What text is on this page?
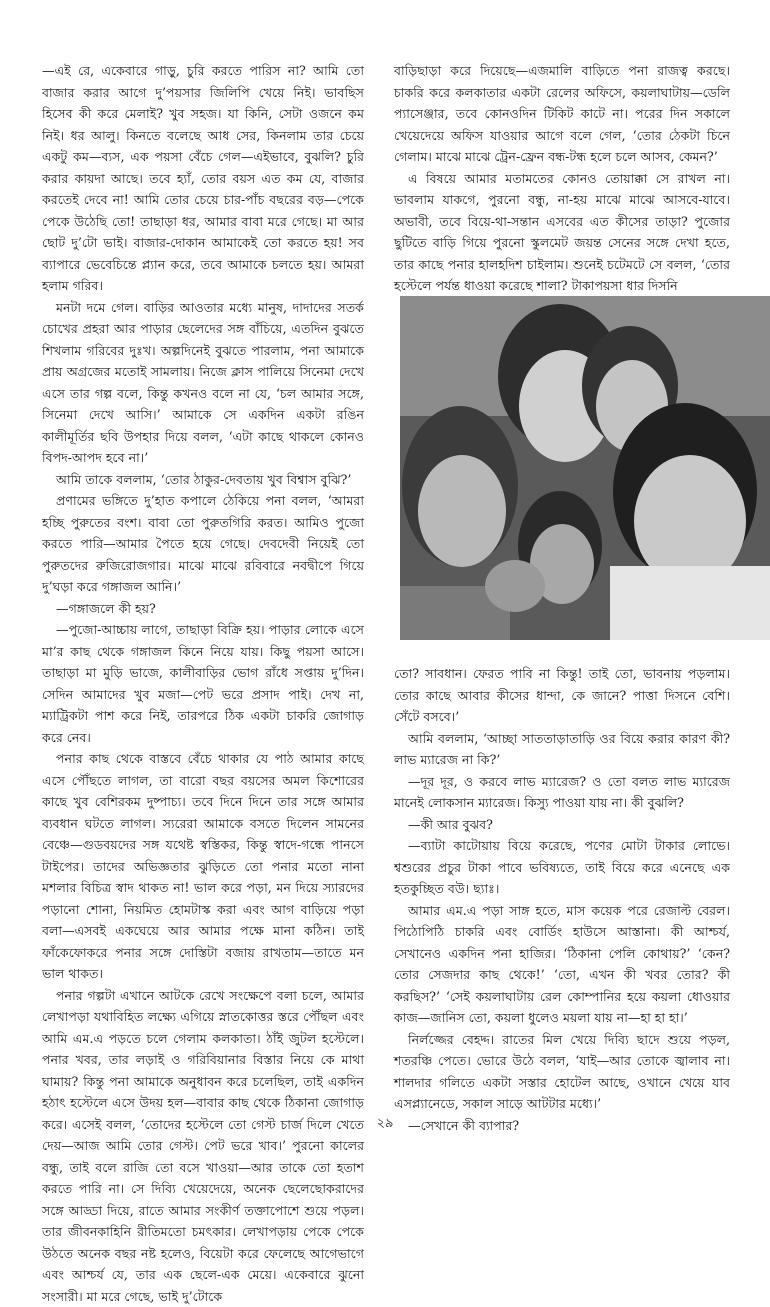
—এই রে, একেবারে গাড়ু, চুরি করতে পারিস না? আমি তো বাজার করার আগে দু’পয়সার জিলিপি খেয়ে নিই। ভাবছিস হিসেব কী করে মেলাই? খুব সহজ। যা কিনি, সেটা ওজনে কম নিই। ধর আলু। কিনতে বলেছে আধ সের, কিনলাম তার চেয়ে একটু কম—ব্যস, এক পয়সা বেঁচে গেল—এইভাবে, বুঝলি? চুরি করার কায়দা আছে। তবে হ্যাঁ, তোর বয়স এত কম যে, বাজার করতেই দেবে না! আমি তোর চেয়ে চার-পাঁচ বছরের বড়—পেকে পেকে উঠেছি তো! তাছাড়া ধর, আমার বাবা মরে গেছে। মা আর ছোট দু’টো ভাই। বাজার-দোকান আমাকেই তো করতে হয়! সব ব্যাপারে ভেবেচিন্তে প্ল্যান করে, তবে আমাকে চলতে হয়। আমরা হলাম গরিব।

মনটা দমে গেল। বাড়ির আওতার মধ্যে মানুষ, দাদাদের সতর্ক চোখের প্রহরা আর পাড়ার ছেলেদের সঙ্গ বাঁচিয়ে, এতদিন বুঝতে শিখলাম গরিবের দুঃখ। অল্পদিনেই বুঝতে পারলাম, পনা আমাকে প্রায় অগ্রজের মতোই সামলায়। নিজে ক্লাস পালিয়ে সিনেমা দেখে এসে তার গল্প বলে, কিন্তু কখনও বলে না যে, ‘চল আমার সঙ্গে, সিনেমা দেখে আসি।’ আমাকে সে একদিন একটা রঙিন কালীমূর্তির ছবি উপহার দিয়ে বলল, ‘এটা কাছে থাকলে কোনও বিপদ-আপদ হবে না।’

আমি তাকে বললাম, ‘তোর ঠাকুর-দেবতায় খুব বিশ্বাস বুঝি?’

প্রণামের ভঙ্গিতে দু’হাত কপালে ঠেকিয়ে পনা বলল, ‘আমরা হচ্ছি পুরুতের বংশ। বাবা তো পুরুতগিরি করত। আমিও পুজো করতে পারি—আমার পৈতে হয়ে গেছে। দেবদেবী নিয়েই তো পুরুতদের রুজিরোজগার। মাঝে মাঝে রবিবারে নবদ্বীপে গিয়ে দু’ঘড়া করে গঙ্গাজল আনি।’

—গঙ্গাজলে কী হয়?

—পুজো-আচ্চায় লাগে, তাছাড়া বিক্রি হয়। পাড়ার লোকে এসে মা’র কাছ থেকে গঙ্গাজল কিনে নিয়ে যায়। কিছু পয়সা আসে। তাছাড়া মা মুড়ি ভাজে, কালীবাড়ির ভোগ রাঁধে সপ্তায় দু’দিন। সেদিন আমাদের খুব মজা—পেট ভরে প্রসাদ পাই। দেখ না, ম্যাট্রিকটা পাশ করে নিই, তারপরে ঠিক একটা চাকরি জোগাড় করে নেব।

পনার কাছ থেকে বাস্তবে বেঁচে থাকার যে পাঠ আমার কাছে এসে পৌঁছতে লাগল, তা বারো বছর বয়সের অমল কিশোরের কাছে খুব বেশিরকম দুষ্পাচ্য। তবে দিনে দিনে তার সঙ্গে আমার ব্যবধান ঘটতে লাগল। স্যরেরা আমাকে বসতে দিলেন সামনের বেঞ্চে—গুডবয়দের সঙ্গ যথেষ্ট স্বস্তিকর, কিন্তু স্বাদে-গন্ধে পানসে টাইপের। তাদের অভিজ্ঞতার ঝুড়িতে তো পনার মতো নানা মশলার বিচিত্র স্বাদ থাকত না! ভাল করে পড়া, মন দিয়ে স্যারদের পড়ানো শোনা, নিয়মিত হোমটাস্ক করা এবং আগ বাড়িয়ে পড়া বলা—এসবই একঘেয়ে আর আমার পক্ষে মানা কঠিন। তাই ফাঁকেফোকরে পনার সঙ্গে দোস্তিটা বজায় রাখতাম—তাতে মন ভাল থাকত।

পনার গল্পটা এখানে আটকে রেখে সংক্ষেপে বলা চলে, আমার লেখাপড়া যথাবিহিত লক্ষ্যে এগিয়ে স্নাতকোত্তর স্তরে পৌঁছল এবং আমি এম.এ পড়তে চলে গেলাম কলকাতা। ঠাঁই জুটল হস্টেলে। পনার খবর, তার লড়াই ও গরিবিয়ানার বিস্তার নিয়ে কে মাথা ঘামায়? কিন্তু পনা আমাকে অনুধাবন করে চলেছিল, তাই একদিন হঠাৎ হস্টেলে এসে উদয় হল—বাবার কাছ থেকে ঠিকানা জোগাড় করে। এসেই বলল, ‘তোদের হস্টেলে তো গেস্ট চার্জ দিলে খেতে দেয়—আজ আমি তোর গেস্ট। পেট ভরে খাব।’ পুরনো কালের বন্ধু, তাই বলে রাজি তো বসে খাওয়া—আর তাকে তো হতাশ করতে পারি না। সে দিব্যি খেয়েদেয়ে, অনেক ছেলেছোকরাদের সঙ্গে আড্ডা দিয়ে, রাতে আমার সংকীর্ণ তক্তাপোশে শুয়ে পড়ল। তার জীবনকাহিনি রীতিমতো চমৎকার। লেখাপড়ায় পেকে পেকে উঠতে অনেক বছর নষ্ট হলেও, বিয়েটা করে ফেলেছে আগেভাগে এবং আশ্চর্য যে, তার এক ছেলে-এক মেয়ে। একেবারে ঝুনো সংসারী। মা মরে গেছে, ভাই দু’টোকে

বাড়িছাড়া করে দিয়েছে—এজমালি বাড়িতে পনা রাজত্ব করছে। চাকরি করে কলকাতার একটা রেলের অফিসে, কয়লাঘাটায়—ডেলি প্যাসেঞ্জার, তবে কোনওদিন টিকিট কাটে না। পরের দিন সকালে খেয়েদেয়ে অফিস যাওয়ার আগে বলে গেল, ‘তোর ঠেকটা চিনে গেলাম। মাঝে মাঝে ট্রেন-ফ্রেন বন্ধ-টন্ধ হলে চলে আসব, কেমন?’

এ বিষয়ে আমার মতামতের কোনও তোয়াক্কা সে রাখল না। ভাবলাম যাকগে, পুরনো বন্ধু, না-হয় মাঝে মাঝে আসবে-যাবে। অভাবী, তবে বিয়ে-থা-সন্তান এসবের এত কীসের তাড়া? পুজোর ছুটিতে বাড়ি গিয়ে পুরনো স্কুলমেট জয়ন্ত সেনের সঙ্গে দেখা হতে, তার কাছে পনার হালহদিশ চাইলাম। শুনেই চটেমটে সে বলল, ‘তোর হস্টেলে পর্যন্ত ধাওয়া করেছে শালা? টাকাপয়সা ধার দিসনি

তো? সাবধান। ফেরত পাবি না কিন্তু! তাই তো, ভাবনায় পড়লাম। তোর কাছে আবার কীসের ধান্দা, কে জানে? পাত্তা দিসনে বেশি। সেঁটে বসবে।’

আমি বললাম, ‘আচ্ছা সাততাড়াতাড়ি ওর বিয়ে করার কারণ কী? লাভ ম্যারেজ না কি?’

—দূর দূর, ও করবে লাভ ম্যারেজ? ও তো বলত লাভ ম্যারেজ মানেই লোকসান ম্যারেজ। কিস্যু পাওয়া যায় না। কী বুঝলি?

—কী আর বুঝব?

—ব্যাটা কাটোয়ায় বিয়ে করেছে, পণের মোটা টাকার লোভে। শ্বশুরের প্রচুর টাকা পাবে ভবিষ্যতে, তাই বিয়ে করে এনেছে এক হতকুচ্ছিত বউ। ছ্যাঃ।

আমার এম.এ পড়া সাঙ্গ হতে, মাস কয়েক পরে রেজাল্ট বেরল। পিঠোপিঠি চাকরি এবং বোর্ডিং হাউসে আস্তানা। কী আশ্চর্য, সেখানেও একদিন পনা হাজির। ‘ঠিকানা পেলি কোথায়?’ ‘কেন? তোর সেজদার কাছ থেকে!’ ‘তো, এখন কী খবর তোর? কী করছিস?’ ‘সেই কয়লাঘাটায় রেল কোম্পানির হয়ে কয়লা ধোওয়ার কাজ—জানিস তো, কয়লা ধুলেও ময়লা যায় না—হা হা হা।’

নির্লজ্জের বেহদ্দ। রাতের মিল খেয়ে দিব্যি ছাদে শুয়ে পড়ল, শতরঞ্চি পেতে। ভোরে উঠে বলল, ‘যাই—আর তোকে জ্বালাব না। শালদার গলিতে একটা সস্তার হোটেল আছে, ওখানে খেয়ে যাব এসপ্ল্যানেডে, সকাল সাড়ে আটটার মধ্যে।’

—সেখানে কী ব্যাপার?

২৯
